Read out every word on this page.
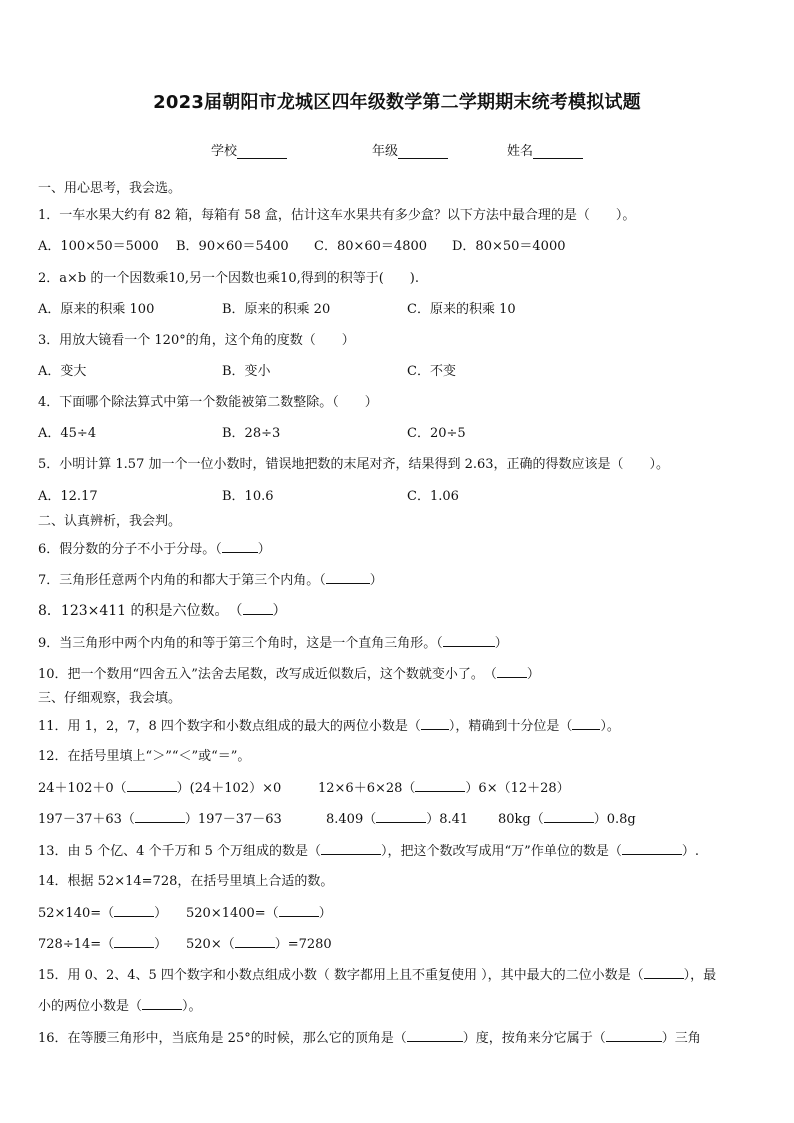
2023届朝阳市龙城区四年级数学第二学期期末统考模拟试题
学校	年级	姓名
一、用心思考，我会选。
1．一车水果大约有 82 箱，每箱有 58 盒，估计这车水果共有多少盒？以下方法中最合理的是（　　）。
A．100×50＝5000 B．90×60＝5400 C．80×60＝4800 D．80×50＝4000
2．a×b 的一个因数乘10,另一个因数也乘10,得到的积等于(　　).
A．原来的积乘 100	B．原来的积乘 20	C．原来的积乘 10
3．用放大镜看一个 120°的角，这个角的度数（　　）
A．变大	B．变小	C．不变
4．下面哪个除法算式中第一个数能被第二数整除。（　　）
A．45÷4	B．28÷3	C．20÷5
5．小明计算 1.57 加一个一位小数时，错误地把数的末尾对齐，结果得到 2.63，正确的得数应该是（　　）。
A．12.17	B．10.6	C．1.06
二、认真辨析，我会判。
6．假分数的分子不小于分母。（	）
7．三角形任意两个内角的和都大于第三个内角。（	）
8．123×411 的积是六位数。　（ ）
9．当三角形中两个内角的和等于第三个角时，这是一个直角三角形。（	）
10．把一个数用“四舍五入”法舍去尾数，改写成近似数后，这个数就变小了。　（ ）
三、仔细观察，我会填。
11．用 1，2，7，8 四个数字和小数点组成的最大的两位小数是（ ），精确到十分位是（ ）。
12．在括号里填上“＞”“＜”或“＝”。
24＋102＋0（	）(24＋102）×0	12×6＋6×28（	）6×（12＋28）
197－37＋63（	）197－37－63	8.409（	）8.41 80kg（	）0.8g
13．由 5 个亿、4 个千万和 5 个万组成的数是（	），把这个数改写成用“万”作单位的数是（	）.
14．根据 52×14=728，在括号里填上合适的数。
52×140=（	） 520×1400=（	）
728÷14=（	） 520×（	）=7280
15．用 0、2、4、5 四个数字和小数点组成小数（ 数字都用上且不重复使用 ），其中最大的二位小数是（	），最
小的两位小数是（	）。
16．在等腰三角形中，当底角是 25°的时候，那么它的顶角是（	）度，按角来分它属于（	）三角
